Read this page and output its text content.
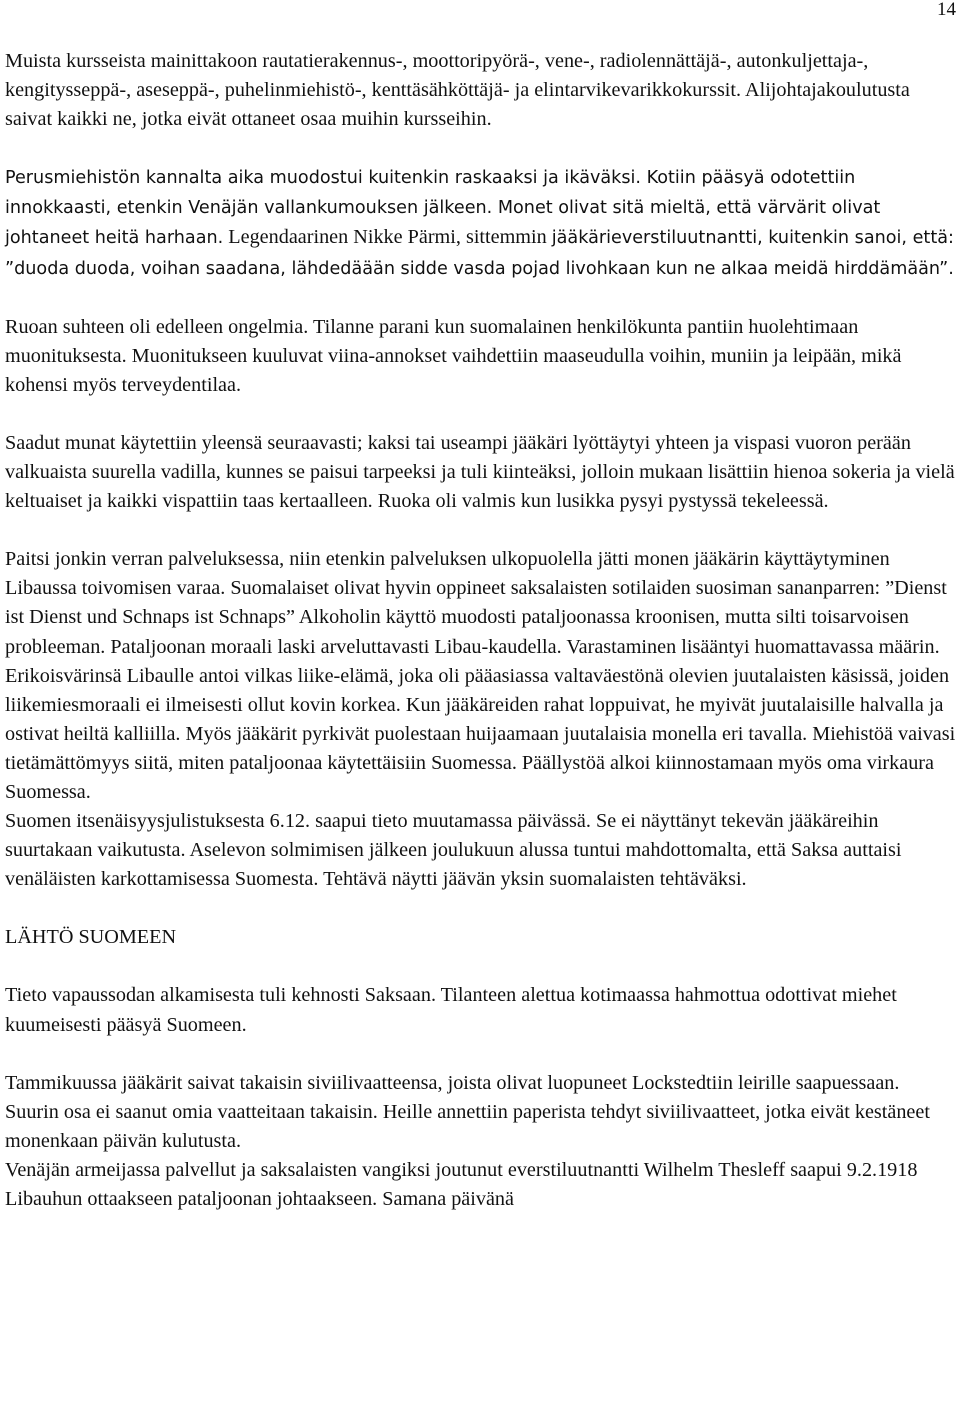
14

Muista kursseista mainittakoon rautatierakennus-, moottoripyörä-, vene-, radiolennättäjä-, autonkuljettaja-, kengitysseppä-, aseseppä-, puhelinmiehistö-, kenttäsähköttäjä- ja elintarvikevarikkokurssit. Alijohtajakoulutusta saivat kaikki ne, jotka eivät ottaneet osaa muihin kursseihin.

Perusmiehistön kannalta aika muodostui kuitenkin raskaaksi ja ikäväksi. Kotiin pääsyä odotettiin innokkaasti, etenkin Venäjän vallankumouksen jälkeen. Monet olivat sitä mieltä, että värvärit olivat johtaneet heitä harhaan. Legendaarinen Nikke Pärmi, sittemmin jääkärieverstiluutnantti, kuitenkin sanoi, että: ”duoda duoda, voihan saadana, lähdedäään sidde vasda pojad livohkaan kun ne alkaa meidä hirddämään”.

Ruoan suhteen oli edelleen ongelmia. Tilanne parani kun suomalainen henkilökunta pantiin huolehtimaan muonituksesta. Muonitukseen kuuluvat viina-annokset vaihdettiin maaseudulla voihin, muniin ja leipään, mikä kohensi myös terveydentilaa.

Saadut munat käytettiin yleensä seuraavasti; kaksi tai useampi jääkäri lyöttäytyi yhteen ja vispasi vuoron perään valkuaista suurella vadilla, kunnes se paisui tarpeeksi ja tuli kiinteäksi, jolloin mukaan lisättiin hienoa sokeria ja vielä keltuaiset ja kaikki vispattiin taas kertaalleen. Ruoka oli valmis kun lusikka pysyi pystyssä tekeleessä.

Paitsi jonkin verran palveluksessa, niin etenkin palveluksen ulkopuolella jätti monen jääkärin käyttäytyminen Libaussa toivomisen varaa. Suomalaiset olivat hyvin oppineet saksalaisten sotilaiden suosiman sananparren: ”Dienst ist Dienst und Schnaps ist Schnaps” Alkoholin käyttö muodosti pataljoonassa kroonisen, mutta silti toisarvoisen probleeman. Pataljoonan moraali laski arveluttavasti Libau-kaudella. Varastaminen lisääntyi huomattavassa määrin. Erikoisvärinsä Libaulle antoi vilkas liike-elämä, joka oli pääasiassa valtaväestönä olevien juutalaisten käsissä, joiden liikemiesmoraali ei ilmeisesti ollut kovin korkea. Kun jääkäreiden rahat loppuivat, he myivät juutalaisille halvalla ja ostivat heiltä kalliilla. Myös jääkärit pyrkivät puolestaan huijaamaan juutalaisia monella eri tavalla. Miehistöä vaivasi tietämättömyys siitä, miten pataljoonaa käytettäisiin Suomessa. Päällystöä alkoi kiinnostamaan myös oma virkaura Suomessa.

Suomen itsenäisyysjulistuksesta 6.12. saapui tieto muutamassa päivässä. Se ei näyttänyt tekevän jääkäreihin suurtakaan vaikutusta. Aselevon solmimisen jälkeen joulukuun alussa tuntui mahdottomalta, että Saksa auttaisi venäläisten karkottamisessa Suomesta. Tehtävä näytti jäävän yksin suomalaisten tehtäväksi.

LÄHTÖ SUOMEEN

Tieto vapaussodan alkamisesta tuli kehnosti Saksaan. Tilanteen alettua kotimaassa hahmottua odottivat miehet kuumeisesti pääsyä Suomeen.

Tammikuussa jääkärit saivat takaisin siviilivaatteensa, joista olivat luopuneet Lockstedtiin leirille saapuessaan. Suurin osa ei saanut omia vaatteitaan takaisin. Heille annettiin paperista tehdyt siviilivaatteet, jotka eivät kestäneet monenkaan päivän kulutusta.

Venäjän armeijassa palvellut ja saksalaisten vangiksi joutunut everstiluutnantti Wilhelm Thesleff saapui 9.2.1918 Libauhun ottaakseen pataljoonan johtaakseen. Samana päivänä
